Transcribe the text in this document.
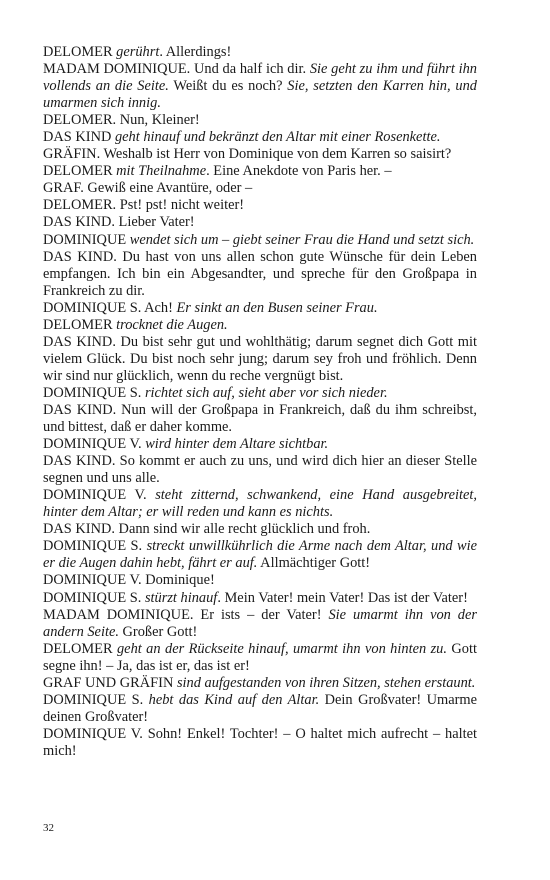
DELOMER gerührt. Allerdings!

MADAM DOMINIQUE. Und da half ich dir. Sie geht zu ihm und führt ihn vollends an die Seite. Weißt du es noch? Sie, setzten den Karren hin, und umarmen sich innig.

DELOMER. Nun, Kleiner!

DAS KIND geht hinauf und bekränzt den Altar mit einer Rosenkette.

GRÄFIN. Weshalb ist Herr von Dominique von dem Karren so saisirt?

DELOMER mit Theilnahme. Eine Anekdote von Paris her. –

GRAF. Gewiß eine Avantüre, oder –

DELOMER. Pst! pst! nicht weiter!

DAS KIND. Lieber Vater!

DOMINIQUE wendet sich um – giebt seiner Frau die Hand und setzt sich.

DAS KIND. Du hast von uns allen schon gute Wünsche für dein Leben empfangen. Ich bin ein Abgesandter, und spreche für den Großpapa in Frankreich zu dir.

DOMINIQUE S. Ach! Er sinkt an den Busen seiner Frau.

DELOMER trocknet die Augen.

DAS KIND. Du bist sehr gut und wohlthätig; darum segnet dich Gott mit vielem Glück. Du bist noch sehr jung; darum sey froh und fröhlich. Denn wir sind nur glücklich, wenn du reche vergnügt bist.

DOMINIQUE S. richtet sich auf, sieht aber vor sich nieder.

DAS KIND. Nun will der Großpapa in Frankreich, daß du ihm schreibst, und bittest, daß er daher komme.

DOMINIQUE V. wird hinter dem Altare sichtbar.

DAS KIND. So kommt er auch zu uns, und wird dich hier an dieser Stelle segnen und uns alle.

DOMINIQUE V. steht zitternd, schwankend, eine Hand ausgebreitet, hinter dem Altar; er will reden und kann es nichts.

DAS KIND. Dann sind wir alle recht glücklich und froh.

DOMINIQUE S. streckt unwillkührlich die Arme nach dem Altar, und wie er die Augen dahin hebt, fährt er auf. Allmächtiger Gott!

DOMINIQUE V. Dominique!

DOMINIQUE S. stürzt hinauf. Mein Vater! mein Vater! Das ist der Vater!

MADAM DOMINIQUE. Er ists – der Vater! Sie umarmt ihn von der andern Seite. Großer Gott!

DELOMER geht an der Rückseite hinauf, umarmt ihn von hinten zu. Gott segne ihn! – Ja, das ist er, das ist er!

GRAF UND GRÄFIN sind aufgestanden von ihren Sitzen, stehen erstaunt.

DOMINIQUE S. hebt das Kind auf den Altar. Dein Großvater! Umarme deinen Großvater!

DOMINIQUE V. Sohn! Enkel! Tochter! – O haltet mich aufrecht – haltet mich!

32
